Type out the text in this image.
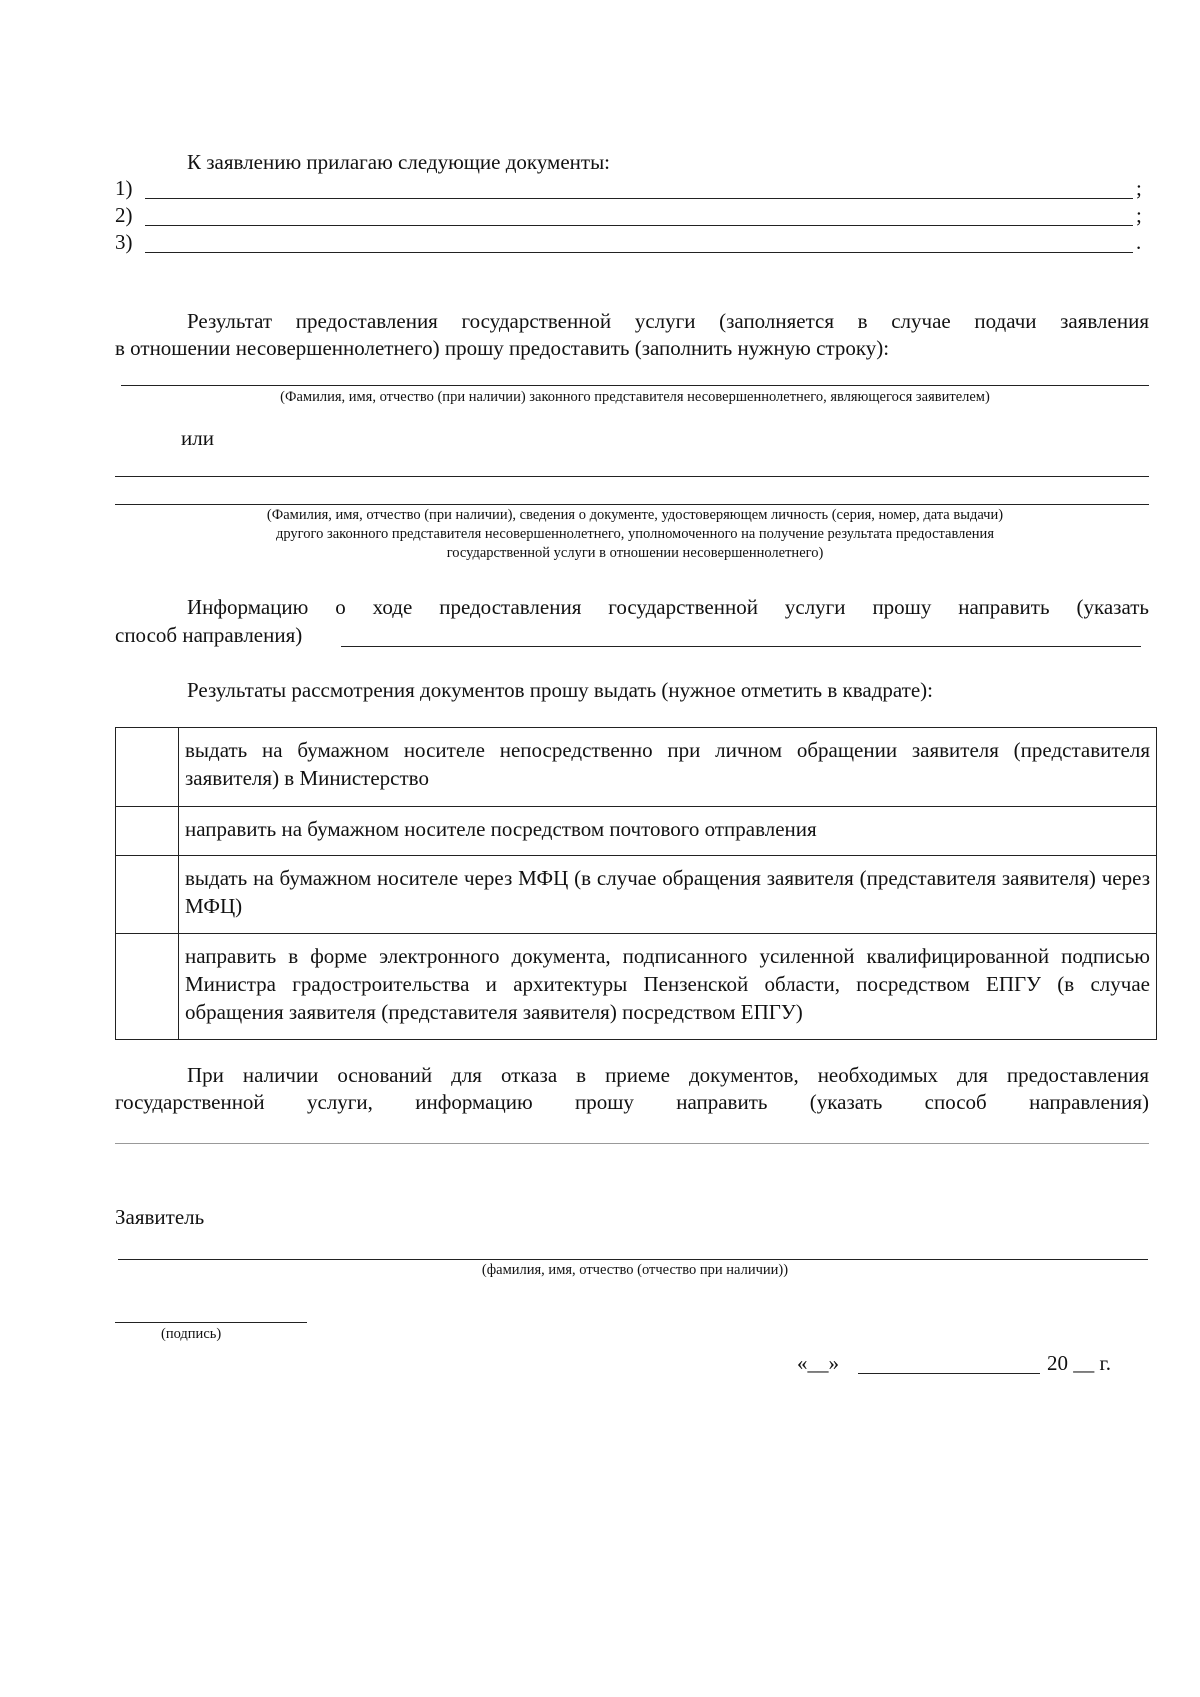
К заявлению прилагаю следующие документы:
1)	;
2)	;
3)	.
Результат предоставления государственной услуги (заполняется в случае подачи заявления
в отношении несовершеннолетнего) прошу предоставить (заполнить нужную строку):
(Фамилия, имя, отчество (при наличии) законного представителя несовершеннолетнего, являющегося заявителем)
или
(Фамилия, имя, отчество (при наличии), сведения о документе, удостоверяющем личность (серия, номер, дата выдачи)
другого законного представителя несовершеннолетнего, уполномоченного на получение результата предоставления
государственной услуги в отношении несовершеннолетнего)
Информацию о ходе предоставления государственной услуги прошу направить (указать
способ направления)
Результаты рассмотрения документов прошу выдать (нужное отметить в квадрате):
	выдать на бумажном носителе непосредственно при личном обращении заявителя (представителя заявителя) в Министерство
	направить на бумажном носителе посредством почтового отправления
	выдать на бумажном носителе через МФЦ (в случае обращения заявителя (представителя заявителя) через МФЦ)
	направить в форме электронного документа, подписанного усиленной квалифицированной подписью Министра градостроительства и архитектуры Пензенской области, посредством ЕПГУ (в случае обращения заявителя (представителя заявителя) посредством ЕПГУ)
При наличии оснований для отказа в приеме документов, необходимых для предоставления
государственной услуги, информацию прошу направить (указать способ направления)
Заявитель
(фамилия, имя, отчество (отчество при наличии))
(подпись)
«__»	20 __ г.
